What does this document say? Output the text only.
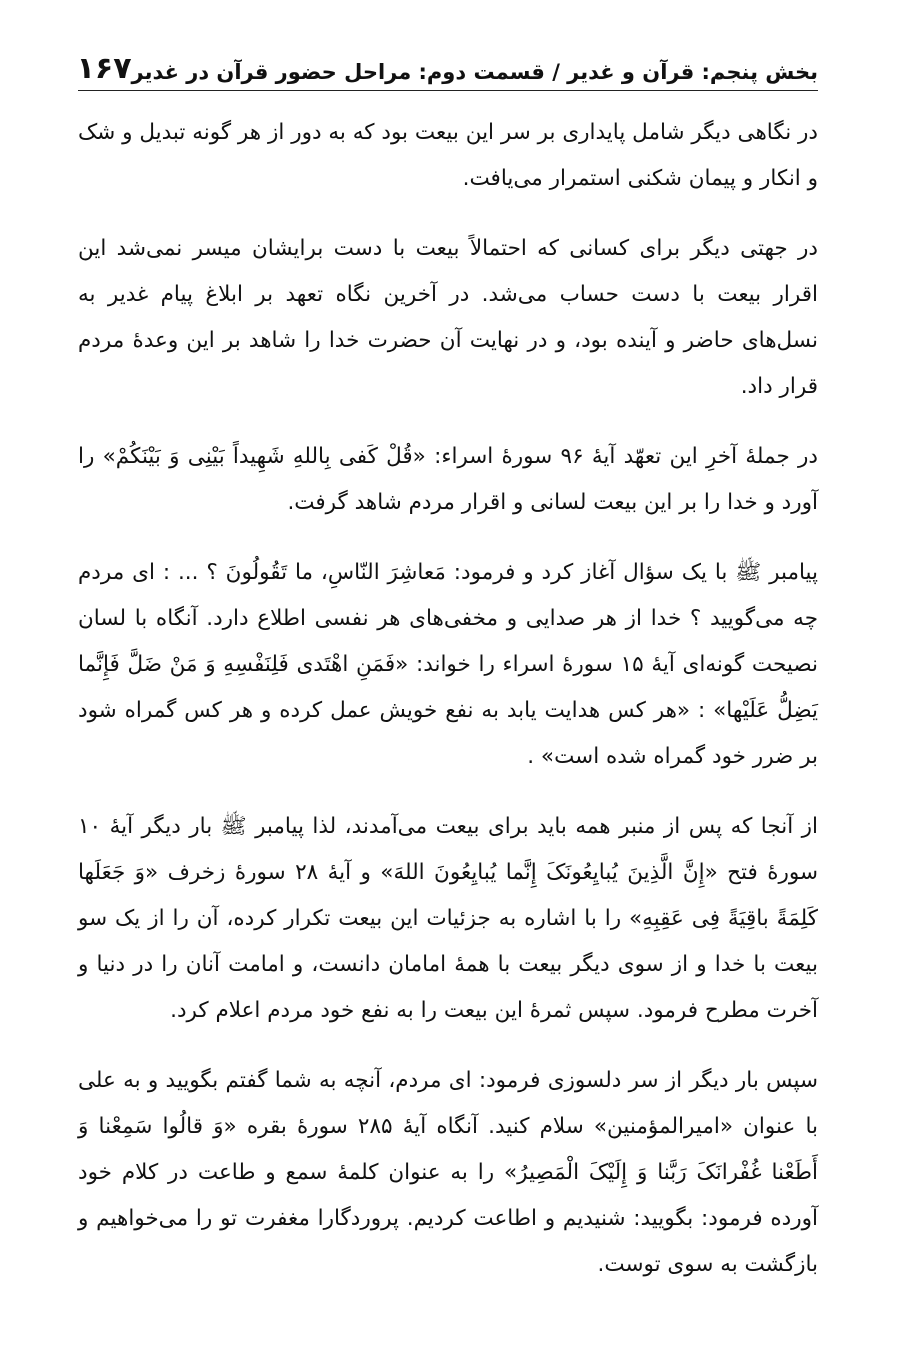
بخش پنجم: قرآن و غدیر / قسمت دوم: مراحل حضور قرآن در غدیر
۱۶۷

در نگاهی دیگر شامل پایداری بر سر این بیعت بود که به دور از هر گونه تبدیل و شک و انکار و پیمان شکنی استمرار می‌یافت.

در جهتی دیگر برای کسانی که احتمالاً بیعت با دست برایشان میسر نمی‌شد این اقرار بیعت با دست حساب می‌شد. در آخرین نگاه تعهد بر ابلاغ پیام غدیر به نسل‌های حاضر و آینده بود، و در نهایت آن حضرت خدا را شاهد بر این وعدۀ مردم قرار داد.

در جملۀ آخرِ این تعهّد آیۀ ۹۶ سورۀ اسراء: «قُلْ کَفی بِاللهِ شَهِیداً بَیْنِی وَ بَیْنَکُمْ» را آورد و خدا را بر این بیعت لسانی و اقرار مردم شاهد گرفت.

پیامبر ﷺ با یک سؤال آغاز کرد و فرمود: مَعاشِرَ النّاسِ، ما تَقُولُونَ ؟ ... : ای مردم چه می‌گویید ؟ خدا از هر صدایی و مخفی‌های هر نفسی اطلاع دارد. آنگاه با لسان نصیحت گونه‌ای آیۀ ۱۵ سورۀ اسراء را خواند: «فَمَنِ اهْتَدی فَلِنَفْسِهِ وَ مَنْ ضَلَّ فَإِنَّما یَضِلُّ عَلَیْها» : «هر کس هدایت یابد به نفع خویش عمل کرده و هر کس گمراه شود بر ضرر خود گمراه شده است» .

از آنجا که پس از منبر همه باید برای بیعت می‌آمدند، لذا پیامبر ﷺ بار دیگر آیۀ ۱۰ سورۀ فتح «إِنَّ الَّذِینَ یُبایِعُونَکَ إِنَّما یُبایِعُونَ اللهَ» و آیۀ ۲۸ سورۀ زخرف «وَ جَعَلَها کَلِمَةً باقِیَةً فِی عَقِبِهِ» را با اشاره به جزئیات این بیعت تکرار کرده، آن را از یک سو بیعت با خدا و از سوی دیگر بیعت با همۀ امامان دانست، و امامت آنان را در دنیا و آخرت مطرح فرمود. سپس ثمرۀ این بیعت را به نفع خود مردم اعلام کرد.

سپس بار دیگر از سر دلسوزی فرمود: ای مردم، آنچه به شما گفتم بگویید و به علی با عنوان «امیرالمؤمنین» سلام کنید. آنگاه آیۀ ۲۸۵ سورۀ بقره «وَ قالُوا سَمِعْنا وَ أَطَعْنا غُفْرانَکَ رَبَّنا وَ إِلَیْکَ الْمَصِیرُ» را به عنوان کلمۀ سمع و طاعت در کلام خود آورده فرمود: بگویید: شنیدیم و اطاعت کردیم. پروردگارا مغفرت تو را می‌خواهیم و بازگشت به سوی توست.
